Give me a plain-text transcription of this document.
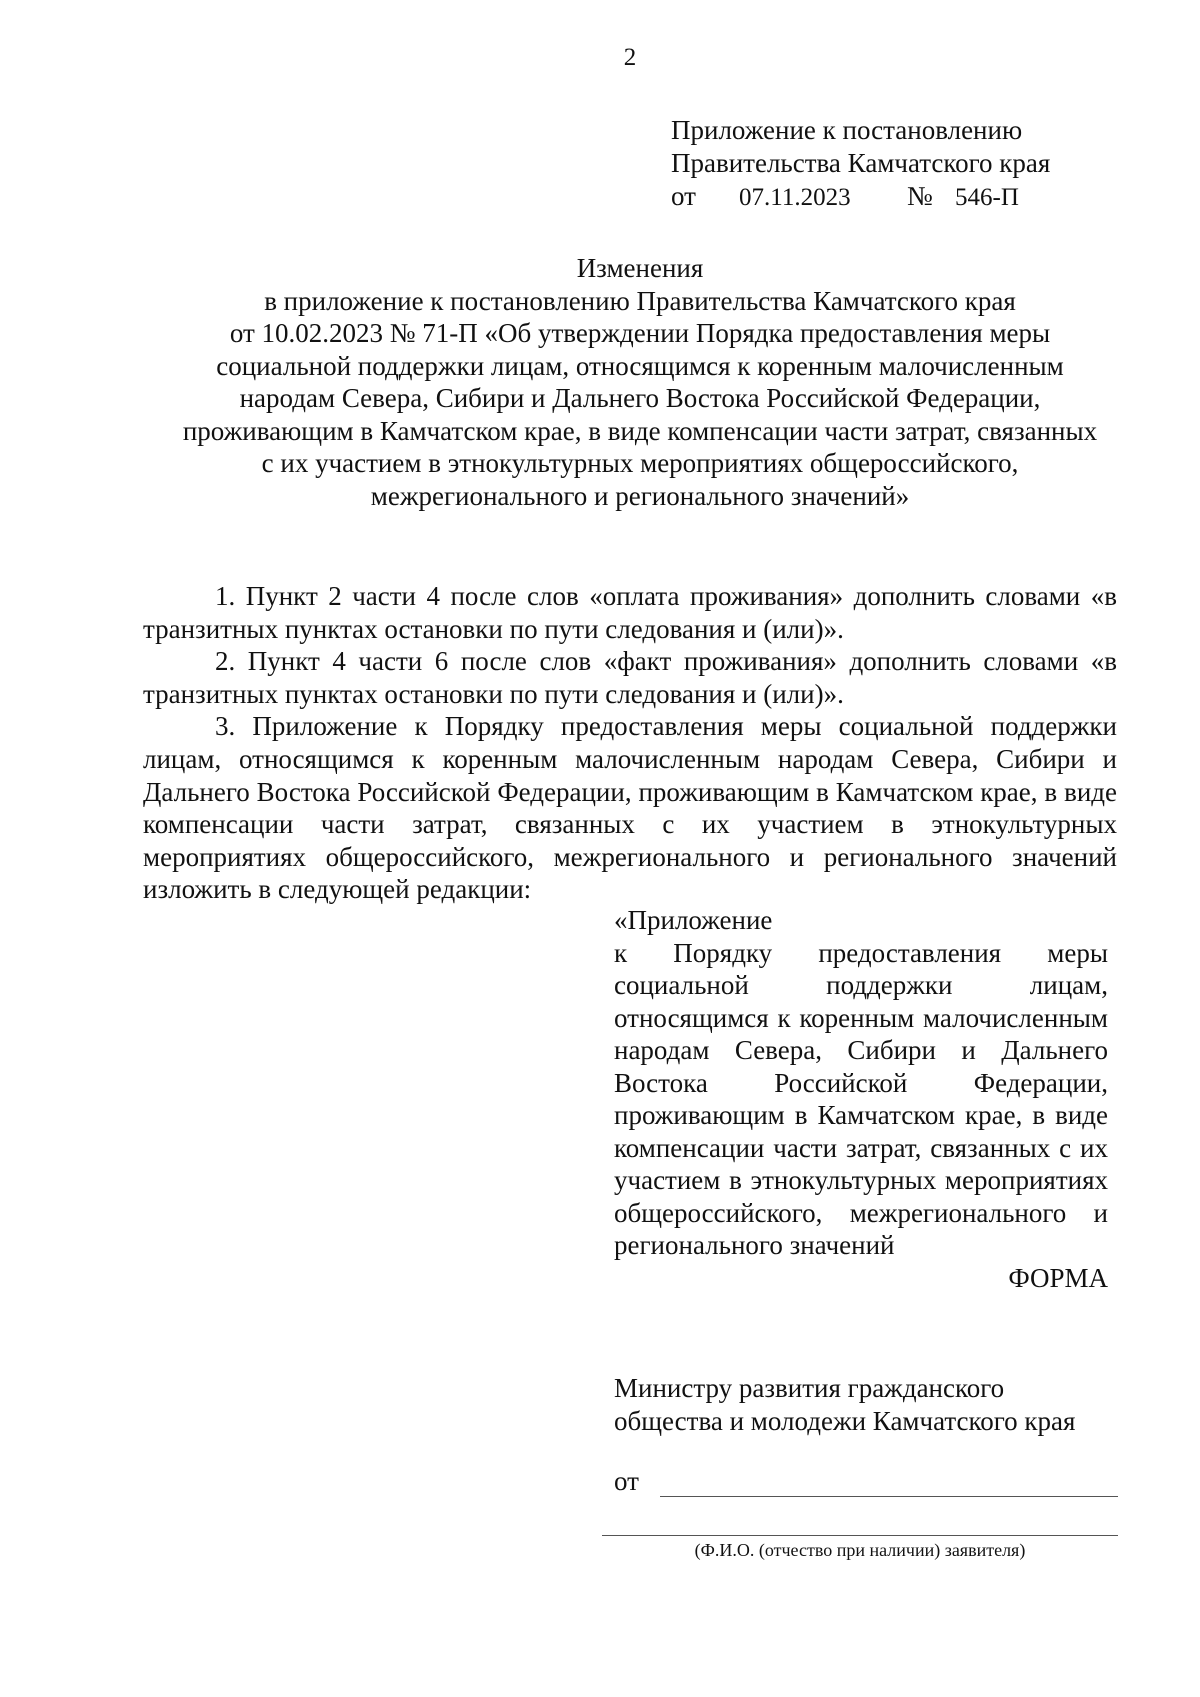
2
Приложение к постановлению
Правительства Камчатского края
от 07.11.2023 № 546-П
Изменения
в приложение к постановлению Правительства Камчатского края
от 10.02.2023 № 71-П «Об утверждении Порядка предоставления меры
социальной поддержки лицам, относящимся к коренным малочисленным
народам Севера, Сибири и Дальнего Востока Российской Федерации,
проживающим в Камчатском крае, в виде компенсации части затрат, связанных
с их участием в этнокультурных мероприятиях общероссийского,
межрегионального и регионального значений»

1. Пункт 2 части 4 после слов «оплата проживания» дополнить словами «в транзитных пунктах остановки по пути следования и (или)».

2. Пункт 4 части 6 после слов «факт проживания» дополнить словами «в транзитных пунктах остановки по пути следования и (или)».

3. Приложение к Порядку предоставления меры социальной поддержки лицам, относящимся к коренным малочисленным народам Севера, Сибири и Дальнего Востока Российской Федерации, проживающим в Камчатском крае, в виде компенсации части затрат, связанных с их участием в этнокультурных мероприятиях общероссийского, межрегионального и регионального значений изложить в следующей редакции:

«Приложение

к Порядку предоставления меры социальной поддержки лицам, относящимся к коренным малочисленным народам Севера, Сибири и Дальнего Востока Российской Федерации, проживающим в Камчатском крае, в виде компенсации части затрат, связанных с их участием в этнокультурных мероприятиях общероссийского, межрегионального и регионального значений

ФОРМА
Министру развития гражданского
общества и молодежи Камчатского края
от
(Ф.И.О. (отчество при наличии) заявителя)
